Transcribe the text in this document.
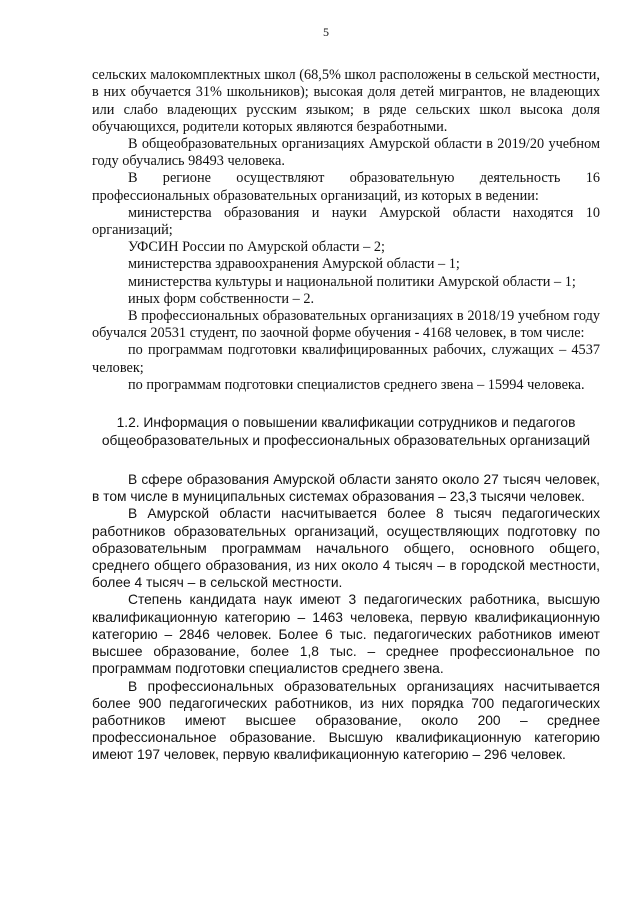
5

сельских малокомплектных школ (68,5% школ расположены в сельской местности, в них обучается 31% школьников); высокая доля детей мигрантов, не владеющих или слабо владеющих русским языком; в ряде сельских школ высока доля обучающихся, родители которых являются безработными.

В общеобразовательных организациях Амурской области в 2019/20 учебном году обучались 98493 человека.

В регионе осуществляют образовательную деятельность 16 профессиональных образовательных организаций, из которых в ведении:

министерства образования и науки Амурской области находятся 10 организаций;

УФСИН России по Амурской области – 2;

министерства здравоохранения Амурской области – 1;

министерства культуры и национальной политики Амурской области – 1;

иных форм собственности – 2.

В профессиональных образовательных организациях в 2018/19 учебном году обучался 20531 студент, по заочной форме обучения - 4168 человек, в том числе:

по программам подготовки квалифицированных рабочих, служащих – 4537 человек;

по программам подготовки специалистов среднего звена – 15994 человека.

1.2. Информация о повышении квалификации сотрудников и педагогов общеобразовательных и профессиональных образовательных организаций

В сфере образования Амурской области занято около 27 тысяч человек, в том числе в муниципальных системах образования – 23,3 тысячи человек.

В Амурской области насчитывается более 8 тысяч педагогических работников образовательных организаций, осуществляющих подготовку по образовательным программам начального общего, основного общего, среднего общего образования, из них около 4 тысяч – в городской местности, более 4 тысяч – в сельской местности.

Степень кандидата наук имеют 3 педагогических работника, высшую квалификационную категорию – 1463 человека, первую квалификационную категорию – 2846 человек. Более 6 тыс. педагогических работников имеют высшее образование, более 1,8 тыс. – среднее профессиональное по программам подготовки специалистов среднего звена.

В профессиональных образовательных организациях насчитывается более 900 педагогических работников, из них порядка 700 педагогических работников имеют высшее образование, около 200 – среднее профессиональное образование. Высшую квалификационную категорию имеют 197 человек, первую квалификационную категорию – 296 человек.
